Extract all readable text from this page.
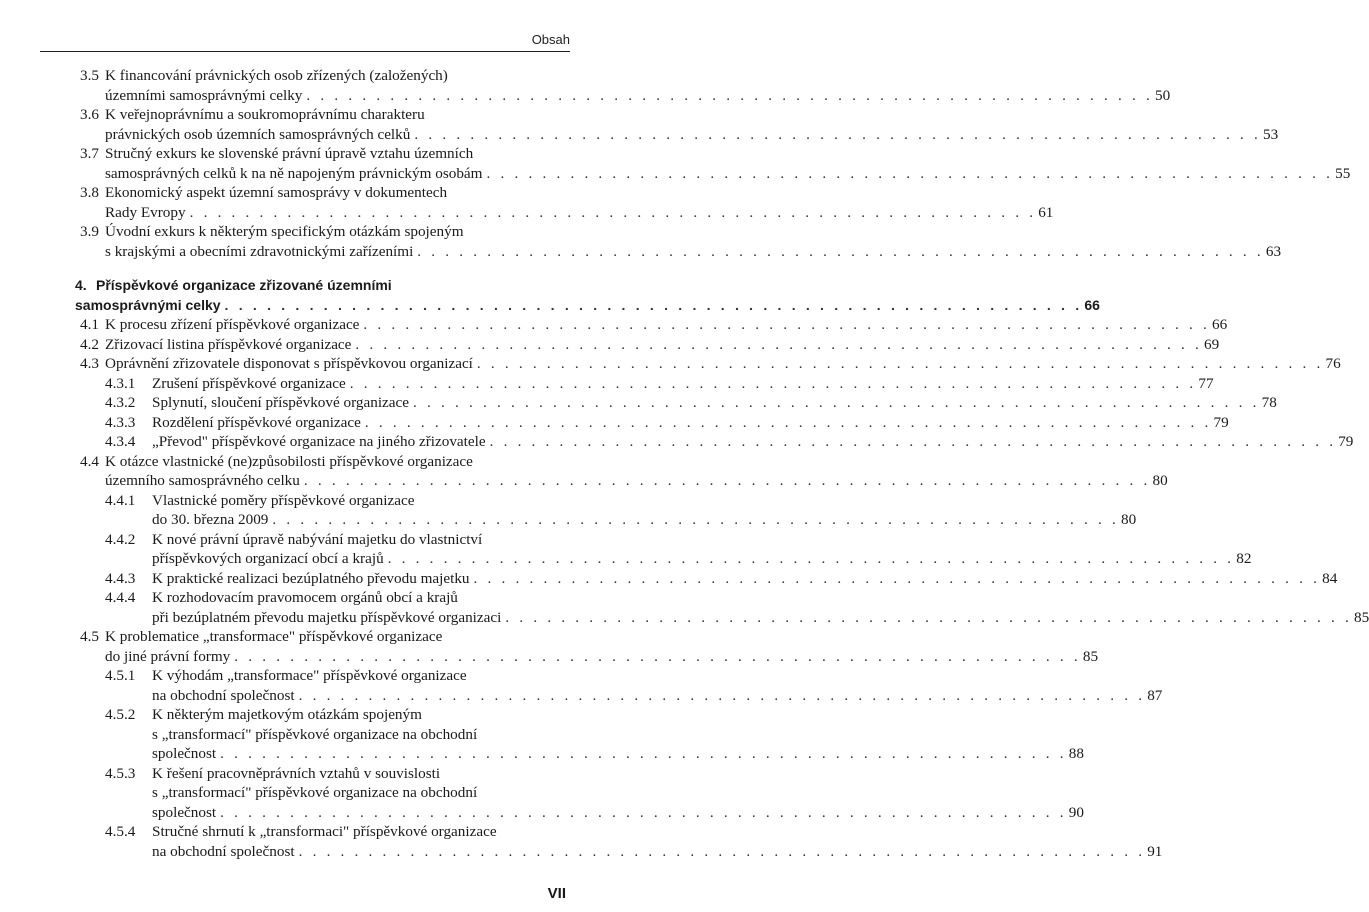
Obsah
3.5 K financování právnických osob zřízených (založených)
územními samosprávnými celky . . . . . . . . . . . . . . . . . . . . . . . . . . . . . . . . . . . . . . . . . . . . . . . . . . . . . . . . . . . . . 50
3.6 K veřejnoprávnímu a soukromoprávnímu charakteru
právnických osob územních samosprávných celků . . . . . . . . . . . . . . . . . . . . . . . . . . . . . . . . . . . . . . . . . . . . . . . . . . . . . . . . . . . . . 53
3.7 Stručný exkurs ke slovenské právní úpravě vztahu územních
samosprávných celků k na ně napojeným právnickým osobám . . . . . . . . . . . . . . . . . . . . . . . . . . . . . . . . . . . . . . . . . . . . . . . . . . . . . . . . . . . . . 55
3.8 Ekonomický aspekt územní samosprávy v dokumentech
Rady Evropy . . . . . . . . . . . . . . . . . . . . . . . . . . . . . . . . . . . . . . . . . . . . . . . . . . . . . . . . . . . . . 61
3.9 Úvodní exkurs k některým specifickým otázkám spojeným
s krajskými a obecními zdravotnickými zařízeními . . . . . . . . . . . . . . . . . . . . . . . . . . . . . . . . . . . . . . . . . . . . . . . . . . . . . . . . . . . . . 63
4. Příspěvkové organizace zřizované územními
samosprávnými celky . . . . . . . . . . . . . . . . . . . . . . . . . . . . . . . . . . . . . . . . . . . . . . . . . . . . . . . . . . . . . 66
4.1 K procesu zřízení příspěvkové organizace . . . . . . . . . . . . . . . . . . . . . . . . . . . . . . . . . . . . . . . . . . . . . . . . . . . . . . . . . . . . . 66
4.2 Zřizovací listina příspěvkové organizace . . . . . . . . . . . . . . . . . . . . . . . . . . . . . . . . . . . . . . . . . . . . . . . . . . . . . . . . . . . . . 69
4.3 Oprávnění zřizovatele disponovat s příspěvkovou organizací . . . . . . . . . . . . . . . . . . . . . . . . . . . . . . . . . . . . . . . . . . . . . . . . . . . . . . . . . . . . . 76
4.3.1 Zrušení příspěvkové organizace . . . . . . . . . . . . . . . . . . . . . . . . . . . . . . . . . . . . . . . . . . . . . . . . . . . . . . . . . . . . . 77
4.3.2 Splynutí, sloučení příspěvkové organizace . . . . . . . . . . . . . . . . . . . . . . . . . . . . . . . . . . . . . . . . . . . . . . . . . . . . . . . . . . . . . 78
4.3.3 Rozdělení příspěvkové organizace . . . . . . . . . . . . . . . . . . . . . . . . . . . . . . . . . . . . . . . . . . . . . . . . . . . . . . . . . . . . . 79
4.3.4 „Převod" příspěvkové organizace na jiného zřizovatele . . . . . . . . . . . . . . . . . . . . . . . . . . . . . . . . . . . . . . . . . . . . . . . . . . . . . . . . . . . . . 79
4.4 K otázce vlastnické (ne)způsobilosti příspěvkové organizace
územního samosprávného celku . . . . . . . . . . . . . . . . . . . . . . . . . . . . . . . . . . . . . . . . . . . . . . . . . . . . . . . . . . . . . 80
4.4.1 Vlastnické poměry příspěvkové organizace
do 30. března 2009 . . . . . . . . . . . . . . . . . . . . . . . . . . . . . . . . . . . . . . . . . . . . . . . . . . . . . . . . . . . . . 80
4.4.2 K nové právní úpravě nabývání majetku do vlastnictví
příspěvkových organizací obcí a krajů . . . . . . . . . . . . . . . . . . . . . . . . . . . . . . . . . . . . . . . . . . . . . . . . . . . . . . . . . . . . . 82
4.4.3 K praktické realizaci bezúplatného převodu majetku . . . . . . . . . . . . . . . . . . . . . . . . . . . . . . . . . . . . . . . . . . . . . . . . . . . . . . . . . . . . . 84
4.4.4 K rozhodovacím pravomocem orgánů obcí a krajů
při bezúplatném převodu majetku příspěvkové organizaci . . . . . . . . . . . . . . . . . . . . . . . . . . . . . . . . . . . . . . . . . . . . . . . . . . . . . . . . . . . . . 85
4.5 K problematice „transformace" příspěvkové organizace
do jiné právní formy . . . . . . . . . . . . . . . . . . . . . . . . . . . . . . . . . . . . . . . . . . . . . . . . . . . . . . . . . . . . . 85
4.5.1 K výhodám „transformace" příspěvkové organizace
na obchodní společnost . . . . . . . . . . . . . . . . . . . . . . . . . . . . . . . . . . . . . . . . . . . . . . . . . . . . . . . . . . . . . 87
4.5.2 K některým majetkovým otázkám spojeným
s „transformací" příspěvkové organizace na obchodní
společnost . . . . . . . . . . . . . . . . . . . . . . . . . . . . . . . . . . . . . . . . . . . . . . . . . . . . . . . . . . . . . 88
4.5.3 K řešení pracovněprávních vztahů v souvislosti
s „transformací" příspěvkové organizace na obchodní
společnost . . . . . . . . . . . . . . . . . . . . . . . . . . . . . . . . . . . . . . . . . . . . . . . . . . . . . . . . . . . . . 90
4.5.4 Stručné shrnutí k „transformaci" příspěvkové organizace
na obchodní společnost . . . . . . . . . . . . . . . . . . . . . . . . . . . . . . . . . . . . . . . . . . . . . . . . . . . . . . . . . . . . . 91
VII
